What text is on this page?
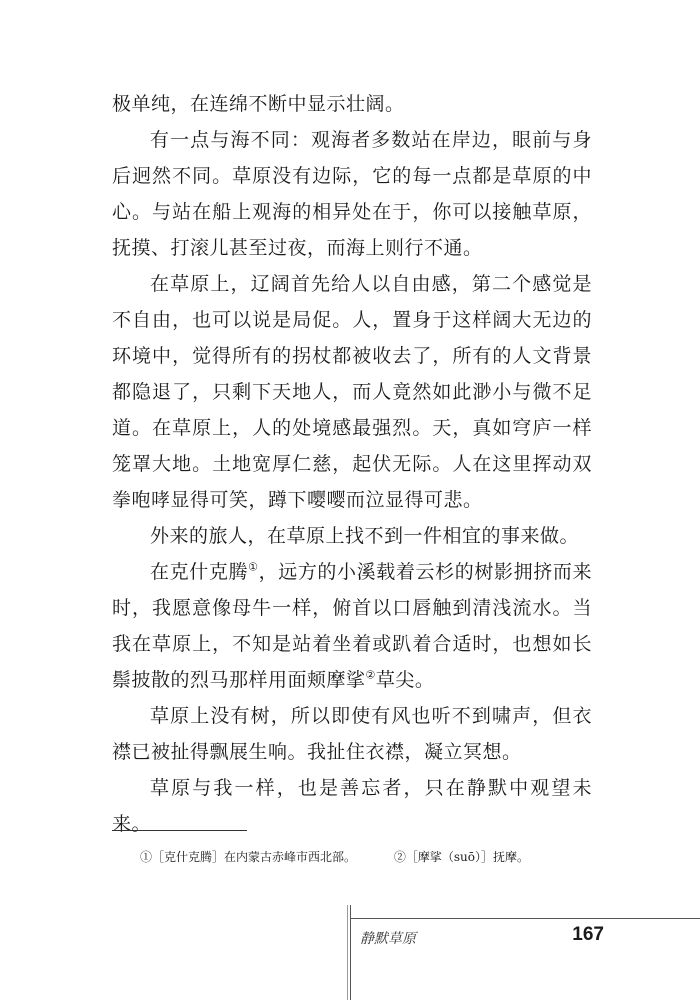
极单纯，在连绵不断中显示壮阔。

有一点与海不同：观海者多数站在岸边，眼前与身后迥然不同。草原没有边际，它的每一点都是草原的中心。与站在船上观海的相异处在于，你可以接触草原，抚摸、打滚儿甚至过夜，而海上则行不通。

在草原上，辽阔首先给人以自由感，第二个感觉是不自由，也可以说是局促。人，置身于这样阔大无边的环境中，觉得所有的拐杖都被收去了，所有的人文背景都隐退了，只剩下天地人，而人竟然如此渺小与微不足道。在草原上，人的处境感最强烈。天，真如穹庐一样笼罩大地。土地宽厚仁慈，起伏无际。人在这里挥动双拳咆哮显得可笑，蹲下嘤嘤而泣显得可悲。

外来的旅人，在草原上找不到一件相宜的事来做。

在克什克腾①，远方的小溪载着云杉的树影拥挤而来时，我愿意像母牛一样，俯首以口唇触到清浅流水。当我在草原上，不知是站着坐着或趴着合适时，也想如长鬃披散的烈马那样用面颊摩挲②草尖。

草原上没有树，所以即使有风也听不到啸声，但衣襟已被扯得飘展生响。我扯住衣襟，凝立冥想。

草原与我一样，也是善忘者，只在静默中观望未来。

①［克什克腾］在内蒙古赤峰市西北部。	②［摩挲（suō）］抚摩。
静默草原	167
